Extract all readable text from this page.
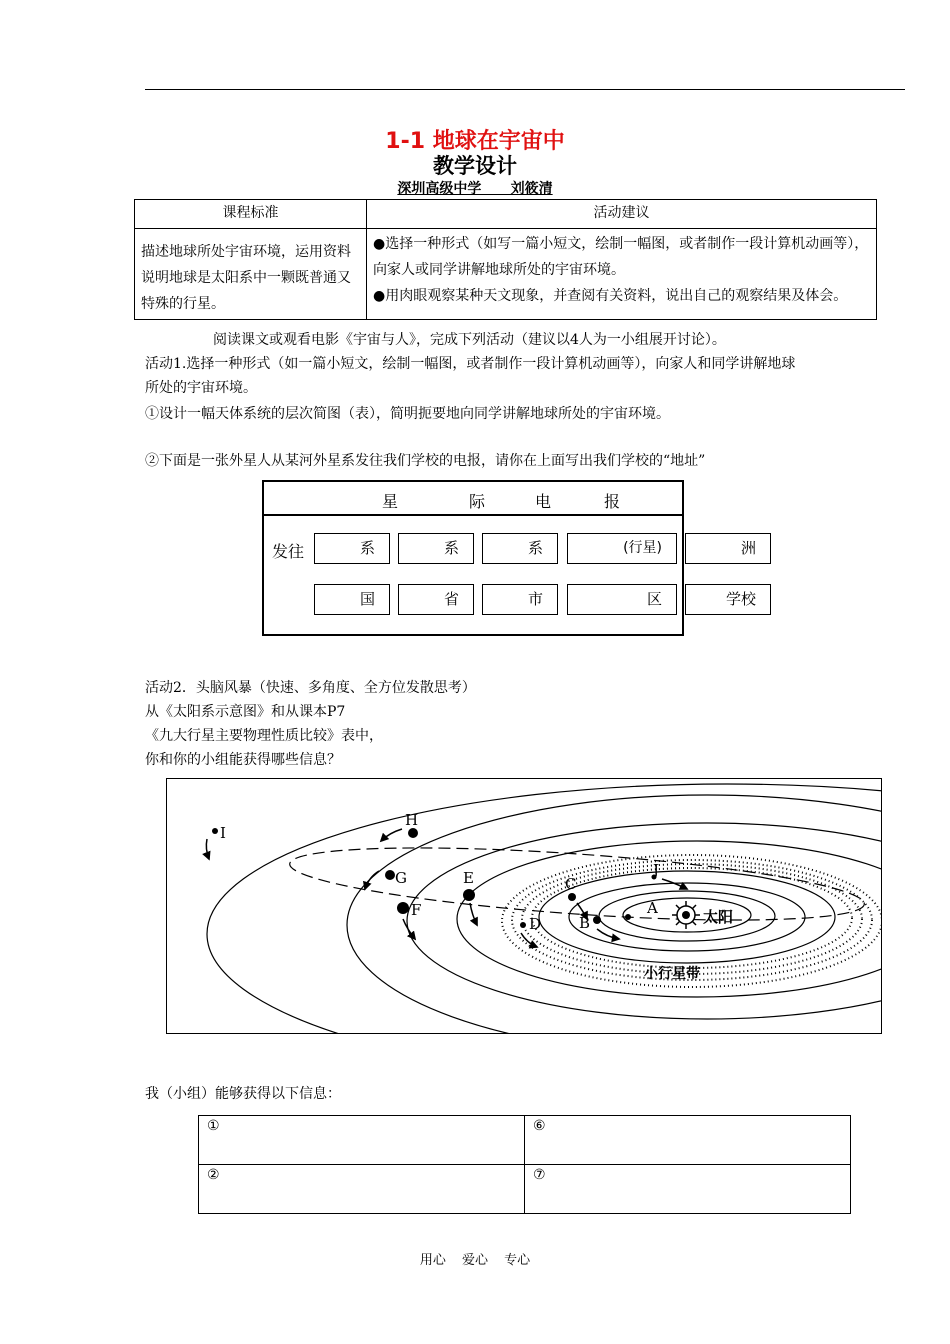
1-1 地球在宇宙中
教学设计
深圳高级中学      刘筱清
课程标准	活动建议
描述地球所处宇宙环境，运用资料说明地球是太阳系中一颗既普通又特殊的行星。	●选择一种形式（如写一篇小短文，绘制一幅图，或者制作一段计算机动画等），向家人或同学讲解地球所处的宇宙环境。
●用肉眼观察某种天文现象，并查阅有关资料，说出自己的观察结果及体会。
阅读课文或观看电影《宇宙与人》，完成下列活动（建议以4人为一小组展开讨论）。
活动1.选择一种形式（如一篇小短文，绘制一幅图，或者制作一段计算机动画等），向家人和同学讲解地球
所处的宇宙环境。
①设计一幅天体系统的层次简图（表），简明扼要地向同学讲解地球所处的宇宙环境。
②下面是一张外星人从某河外星系发往我们学校的电报，请你在上面写出我们学校的“地址”
星	际	电	报
发往	系	系	系	(行星)	洲
国	省	市	区	学校
活动2．头脑风暴（快速、多角度、全方位发散思考）
从《太阳系示意图》和从课本P7
《九大行星主要物理性质比较》表中，
你和你的小组能获得哪些信息？
太阳
小行星带
A
B
C
D
E
F
G
H
I
J
我（小组）能够获得以下信息：
①	⑥
②	⑦
用心 爱心 专心
